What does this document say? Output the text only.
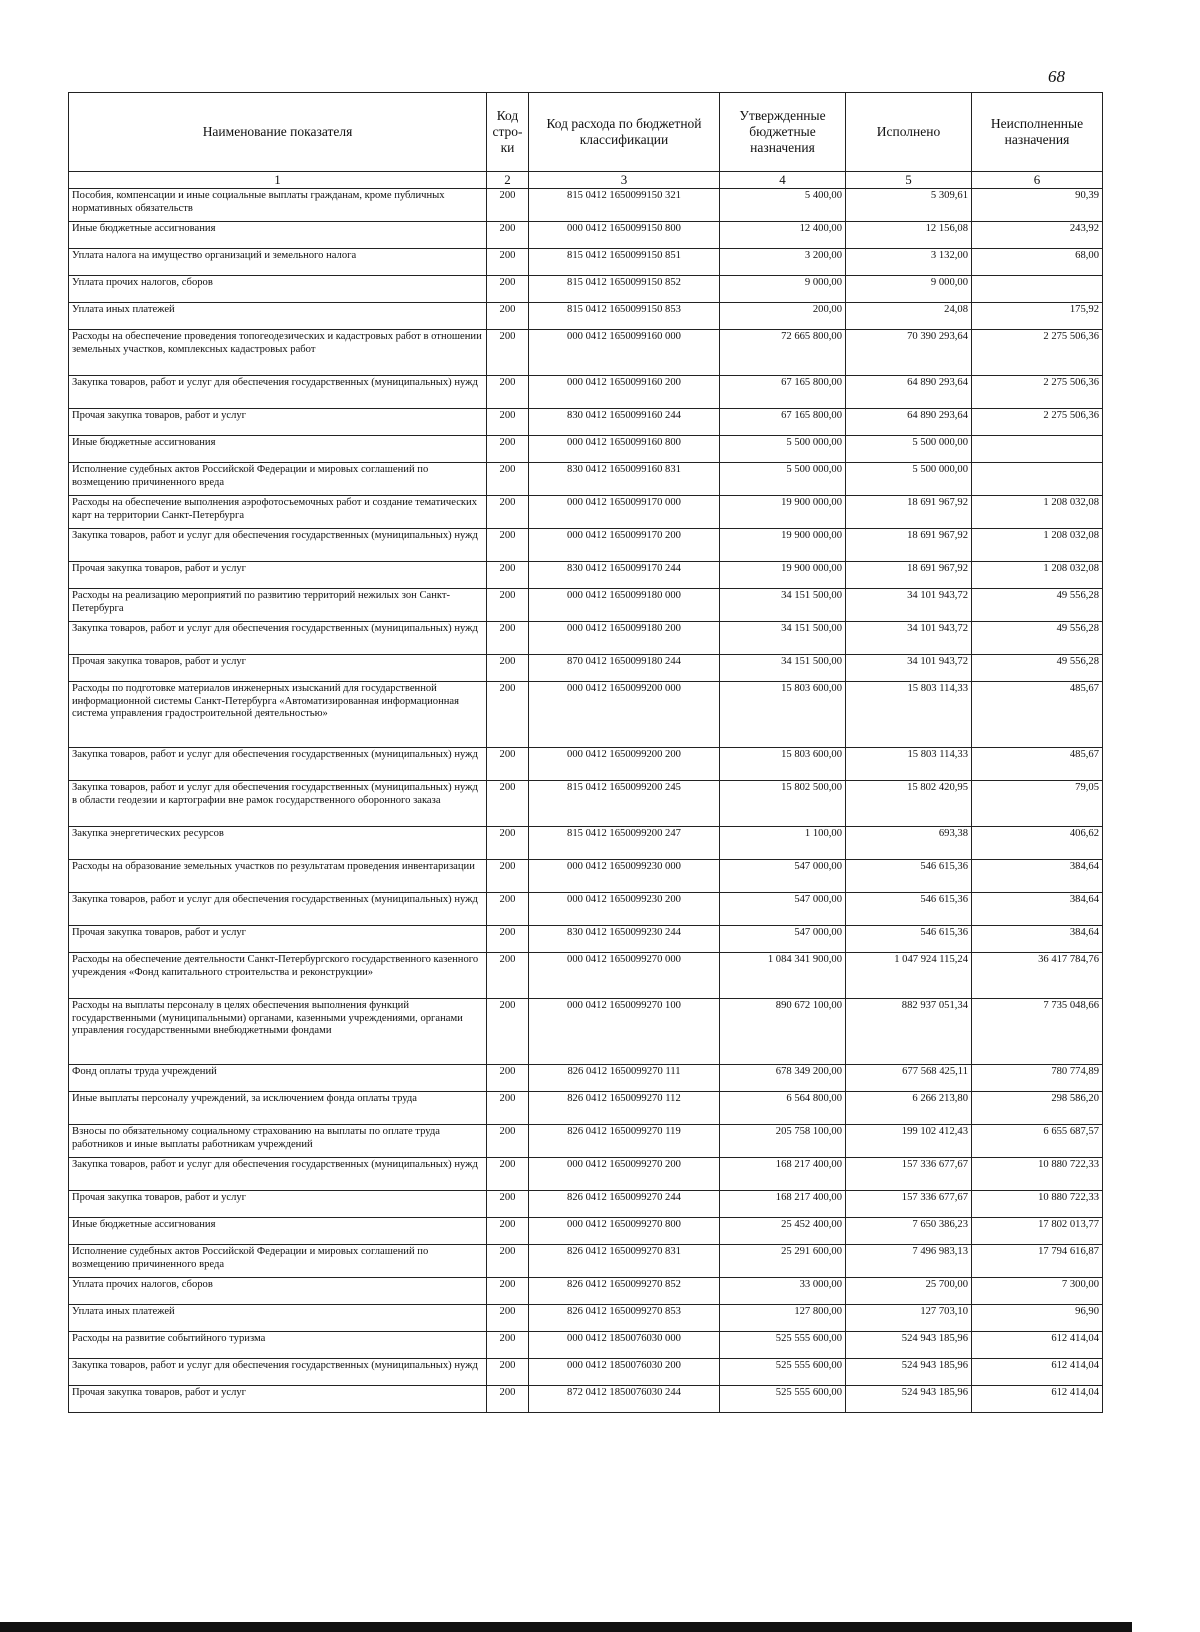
68
Наименование показателя	Код стро-ки	Код расхода по бюджетной классификации	Утвержденные бюджетные назначения	Исполнено	Неисполненные назначения
1	2	3	4	5	6
Пособия, компенсации и иные социальные выплаты гражданам, кроме публичных нормативных обязательств	200	815 0412 1650099150 321	5 400,00	5 309,61	90,39
Иные бюджетные ассигнования	200	000 0412 1650099150 800	12 400,00	12 156,08	243,92
Уплата налога на имущество организаций и земельного налога	200	815 0412 1650099150 851	3 200,00	3 132,00	68,00
Уплата прочих налогов, сборов	200	815 0412 1650099150 852	9 000,00	9 000,00	
Уплата иных платежей	200	815 0412 1650099150 853	200,00	24,08	175,92
Расходы на обеспечение проведения топогеодезических и кадастровых работ в отношении земельных участков, комплексных кадастровых работ	200	000 0412 1650099160 000	72 665 800,00	70 390 293,64	2 275 506,36
Закупка товаров, работ и услуг для обеспечения государственных (муниципальных) нужд	200	000 0412 1650099160 200	67 165 800,00	64 890 293,64	2 275 506,36
Прочая закупка товаров, работ и услуг	200	830 0412 1650099160 244	67 165 800,00	64 890 293,64	2 275 506,36
Иные бюджетные ассигнования	200	000 0412 1650099160 800	5 500 000,00	5 500 000,00	
Исполнение судебных актов Российской Федерации и мировых соглашений по возмещению причиненного вреда	200	830 0412 1650099160 831	5 500 000,00	5 500 000,00	
Расходы на обеспечение выполнения аэрофотосъемочных работ и создание тематических карт на территории Санкт-Петербурга	200	000 0412 1650099170 000	19 900 000,00	18 691 967,92	1 208 032,08
Закупка товаров, работ и услуг для обеспечения государственных (муниципальных) нужд	200	000 0412 1650099170 200	19 900 000,00	18 691 967,92	1 208 032,08
Прочая закупка товаров, работ и услуг	200	830 0412 1650099170 244	19 900 000,00	18 691 967,92	1 208 032,08
Расходы на реализацию мероприятий по развитию территорий нежилых зон Санкт-Петербурга	200	000 0412 1650099180 000	34 151 500,00	34 101 943,72	49 556,28
Закупка товаров, работ и услуг для обеспечения государственных (муниципальных) нужд	200	000 0412 1650099180 200	34 151 500,00	34 101 943,72	49 556,28
Прочая закупка товаров, работ и услуг	200	870 0412 1650099180 244	34 151 500,00	34 101 943,72	49 556,28
Расходы по подготовке материалов инженерных изысканий для государственной информационной системы Санкт-Петербурга «Автоматизированная информационная система управления градостроительной деятельностью»	200	000 0412 1650099200 000	15 803 600,00	15 803 114,33	485,67
Закупка товаров, работ и услуг для обеспечения государственных (муниципальных) нужд	200	000 0412 1650099200 200	15 803 600,00	15 803 114,33	485,67
Закупка товаров, работ и услуг для обеспечения государственных (муниципальных) нужд в области геодезии и картографии вне рамок государственного оборонного заказа	200	815 0412 1650099200 245	15 802 500,00	15 802 420,95	79,05
Закупка энергетических ресурсов	200	815 0412 1650099200 247	1 100,00	693,38	406,62
Расходы на образование земельных участков по результатам проведения инвентаризации	200	000 0412 1650099230 000	547 000,00	546 615,36	384,64
Закупка товаров, работ и услуг для обеспечения государственных (муниципальных) нужд	200	000 0412 1650099230 200	547 000,00	546 615,36	384,64
Прочая закупка товаров, работ и услуг	200	830 0412 1650099230 244	547 000,00	546 615,36	384,64
Расходы на обеспечение деятельности Санкт-Петербургского государственного казенного учреждения «Фонд капитального строительства и реконструкции»	200	000 0412 1650099270 000	1 084 341 900,00	1 047 924 115,24	36 417 784,76
Расходы на выплаты персоналу в целях обеспечения выполнения функций государственными (муниципальными) органами, казенными учреждениями, органами управления государственными внебюджетными фондами	200	000 0412 1650099270 100	890 672 100,00	882 937 051,34	7 735 048,66
Фонд оплаты труда учреждений	200	826 0412 1650099270 111	678 349 200,00	677 568 425,11	780 774,89
Иные выплаты персоналу учреждений, за исключением фонда оплаты труда	200	826 0412 1650099270 112	6 564 800,00	6 266 213,80	298 586,20
Взносы по обязательному социальному страхованию на выплаты по оплате труда работников и иные выплаты работникам учреждений	200	826 0412 1650099270 119	205 758 100,00	199 102 412,43	6 655 687,57
Закупка товаров, работ и услуг для обеспечения государственных (муниципальных) нужд	200	000 0412 1650099270 200	168 217 400,00	157 336 677,67	10 880 722,33
Прочая закупка товаров, работ и услуг	200	826 0412 1650099270 244	168 217 400,00	157 336 677,67	10 880 722,33
Иные бюджетные ассигнования	200	000 0412 1650099270 800	25 452 400,00	7 650 386,23	17 802 013,77
Исполнение судебных актов Российской Федерации и мировых соглашений по возмещению причиненного вреда	200	826 0412 1650099270 831	25 291 600,00	7 496 983,13	17 794 616,87
Уплата прочих налогов, сборов	200	826 0412 1650099270 852	33 000,00	25 700,00	7 300,00
Уплата иных платежей	200	826 0412 1650099270 853	127 800,00	127 703,10	96,90
Расходы на развитие событийного туризма	200	000 0412 1850076030 000	525 555 600,00	524 943 185,96	612 414,04
Закупка товаров, работ и услуг для обеспечения государственных (муниципальных) нужд	200	000 0412 1850076030 200	525 555 600,00	524 943 185,96	612 414,04
Прочая закупка товаров, работ и услуг	200	872 0412 1850076030 244	525 555 600,00	524 943 185,96	612 414,04
